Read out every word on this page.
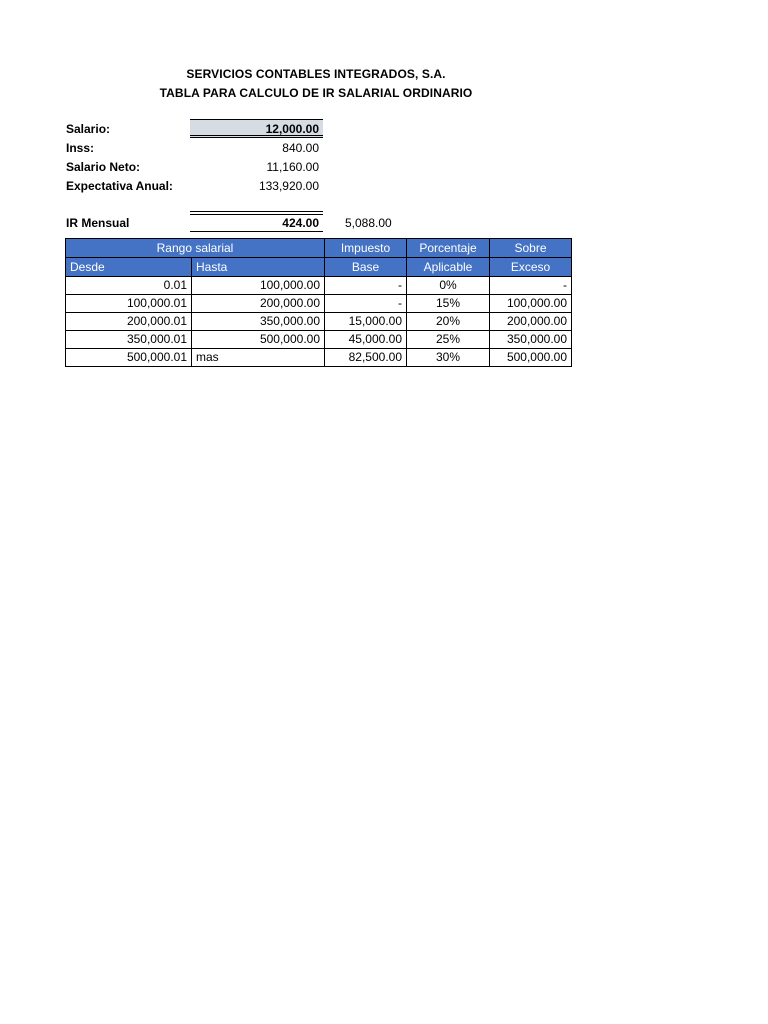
SERVICIOS CONTABLES INTEGRADOS, S.A.
TABLA PARA CALCULO DE IR SALARIAL ORDINARIO
Salario:	12,000.00
Inss:	840.00
Salario Neto:	11,160.00
Expectativa Anual:	133,920.00
IR Mensual	424.00 5,088.00
Rango salarial		Impuesto	Porcentaje	Sobre
Desde	Hasta	Base	Aplicable	Exceso
0.01	100,000.00	-	0%	-
100,000.01	200,000.00	-	15%	100,000.00
200,000.01	350,000.00	15,000.00	20%	200,000.00
350,000.01	500,000.00	45,000.00	25%	350,000.00
500,000.01	mas	82,500.00	30%	500,000.00
